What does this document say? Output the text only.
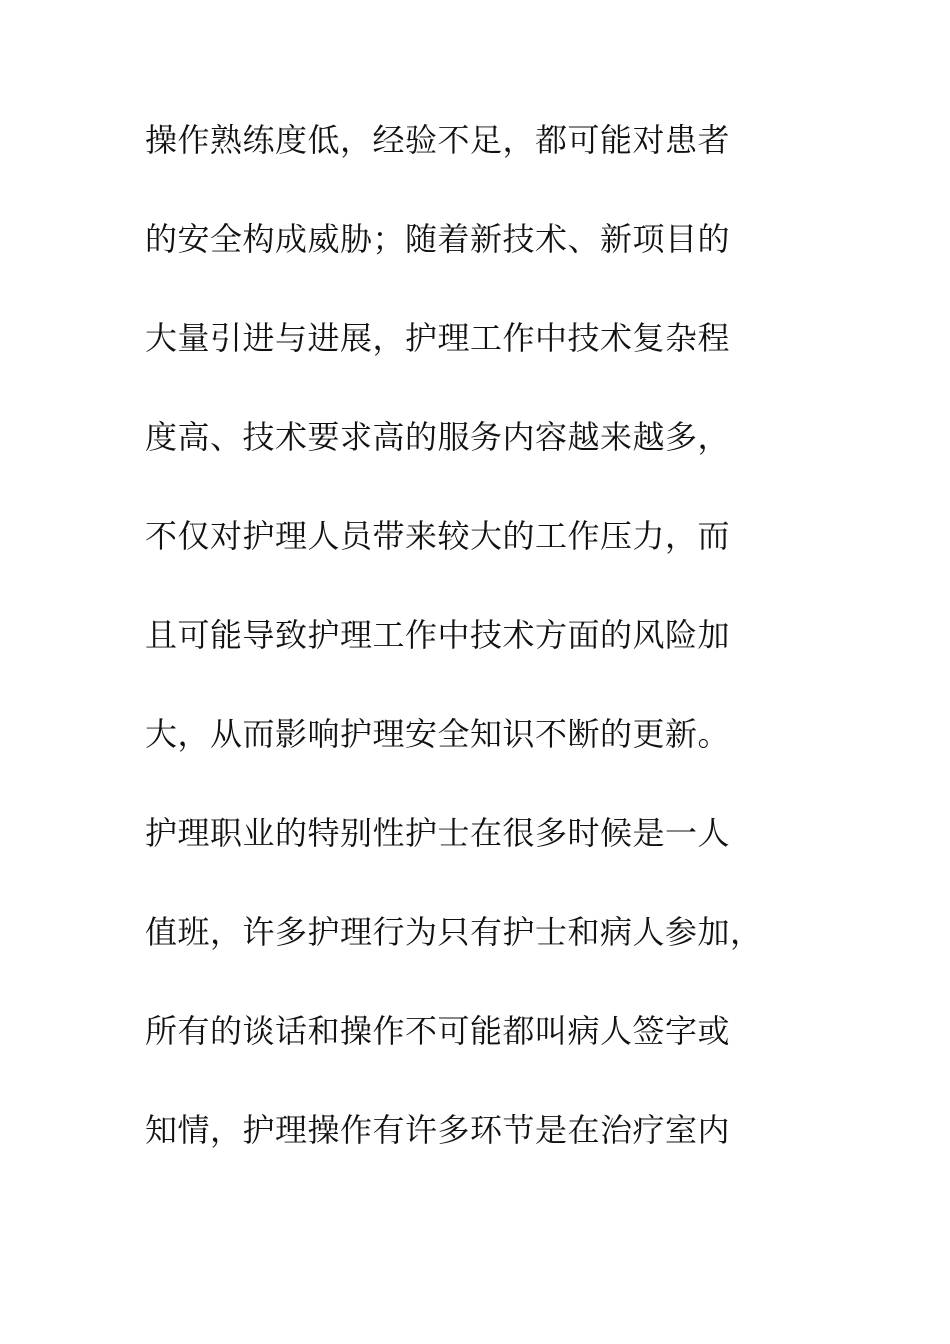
操作熟练度低，经验不足，都可能对患者
的安全构成威胁；随着新技术、新项目的
大量引进与进展，护理工作中技术复杂程
度高、技术要求高的服务内容越来越多，
不仅对护理人员带来较大的工作压力，而
且可能导致护理工作中技术方面的风险加
大，从而影响护理安全知识不断的更新。
护理职业的特别性护士在很多时候是一人
值班，许多护理行为只有护士和病人参加，
所有的谈话和操作不可能都叫病人签字或
知情，护理操作有许多环节是在治疗室内
